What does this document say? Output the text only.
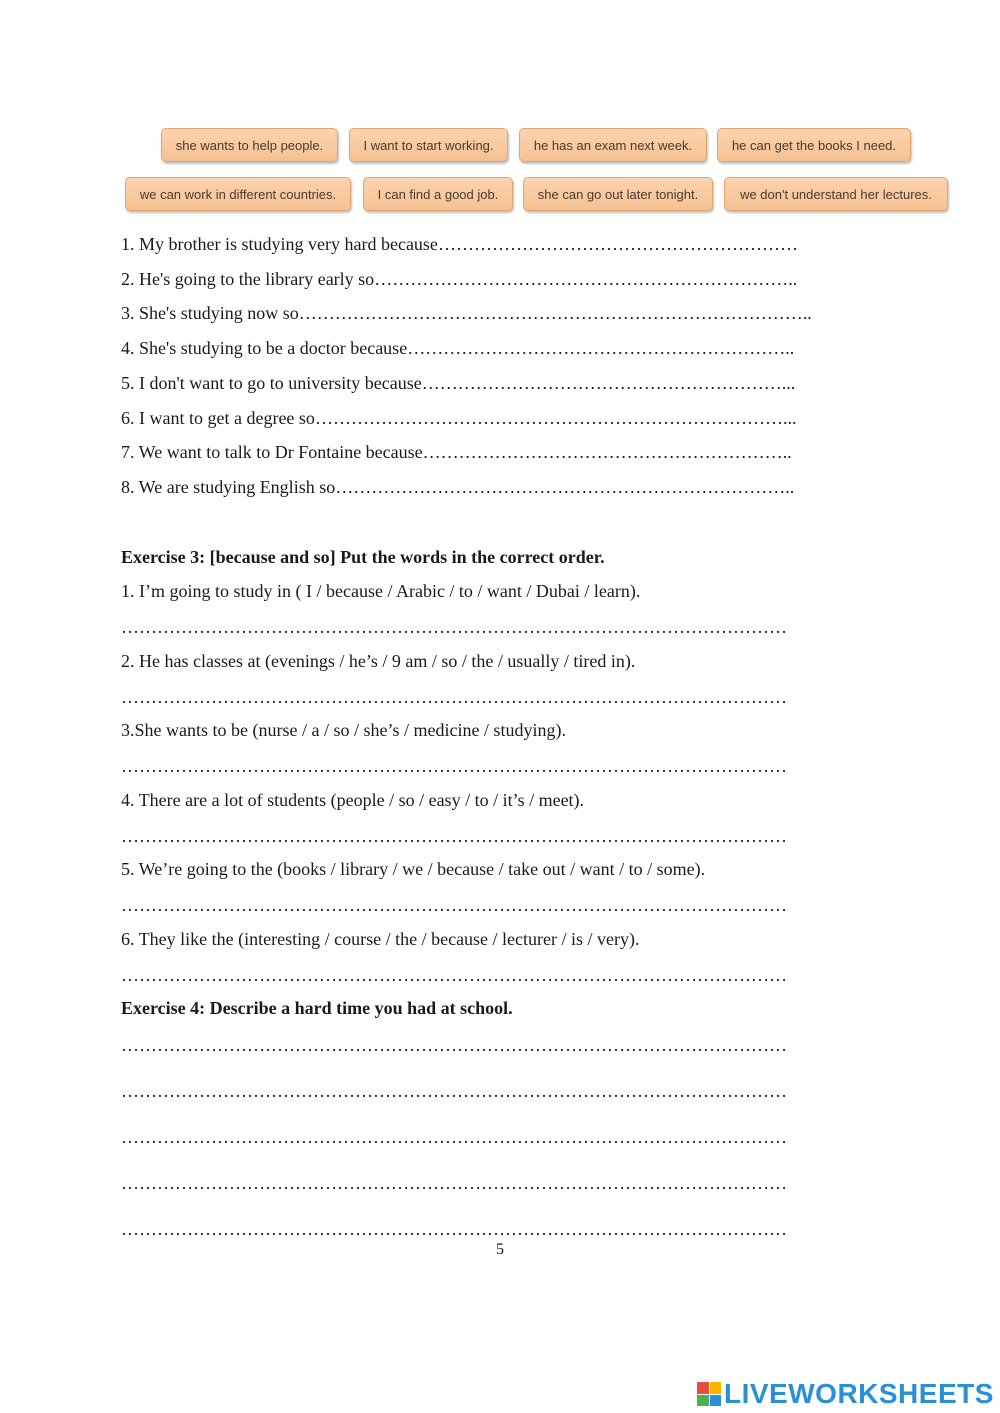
she wants to help people.	I want to start working.	he has an exam next week.	he can get the books I need.
we can work in different countries.	I can find a good job.	she can go out later tonight.	we don't understand her lectures.
1. My brother is studying very hard because……………………………………………………
2. He's going to the library early so……………………………………………………………..
3. She's studying now so…………………………………………………………………………..
4. She's studying to be a doctor because………………………………………………………..
5. I don't want to go to university because……………………………………………………...
6. I want to get a degree so……………………………………………………………………...
7. We want to talk to Dr Fontaine because……………………………………………………..
8. We are studying English so…………………………………………………………………..
Exercise 3: [because and so] Put the words in the correct order.
1. I’m going to study in ( I / because / Arabic / to / want / Dubai / learn).
…………………………………………………………………………………………………
2. He has classes at (evenings / he’s / 9 am / so / the / usually / tired in).
…………………………………………………………………………………………………
3.She wants to be (nurse / a / so / she’s / medicine / studying).
…………………………………………………………………………………………………
4. There are a lot of students (people / so / easy / to / it’s / meet).
…………………………………………………………………………………………………
5. We’re going to the (books / library / we / because / take out / want / to / some).
…………………………………………………………………………………………………
6. They like the (interesting / course / the / because / lecturer / is / very).
…………………………………………………………………………………………………
Exercise 4: Describe a hard time you had at school.
…………………………………………………………………………………………………
…………………………………………………………………………………………………
…………………………………………………………………………………………………
…………………………………………………………………………………………………
…………………………………………………………………………………………………
5
LIVEWORKSHEETS
